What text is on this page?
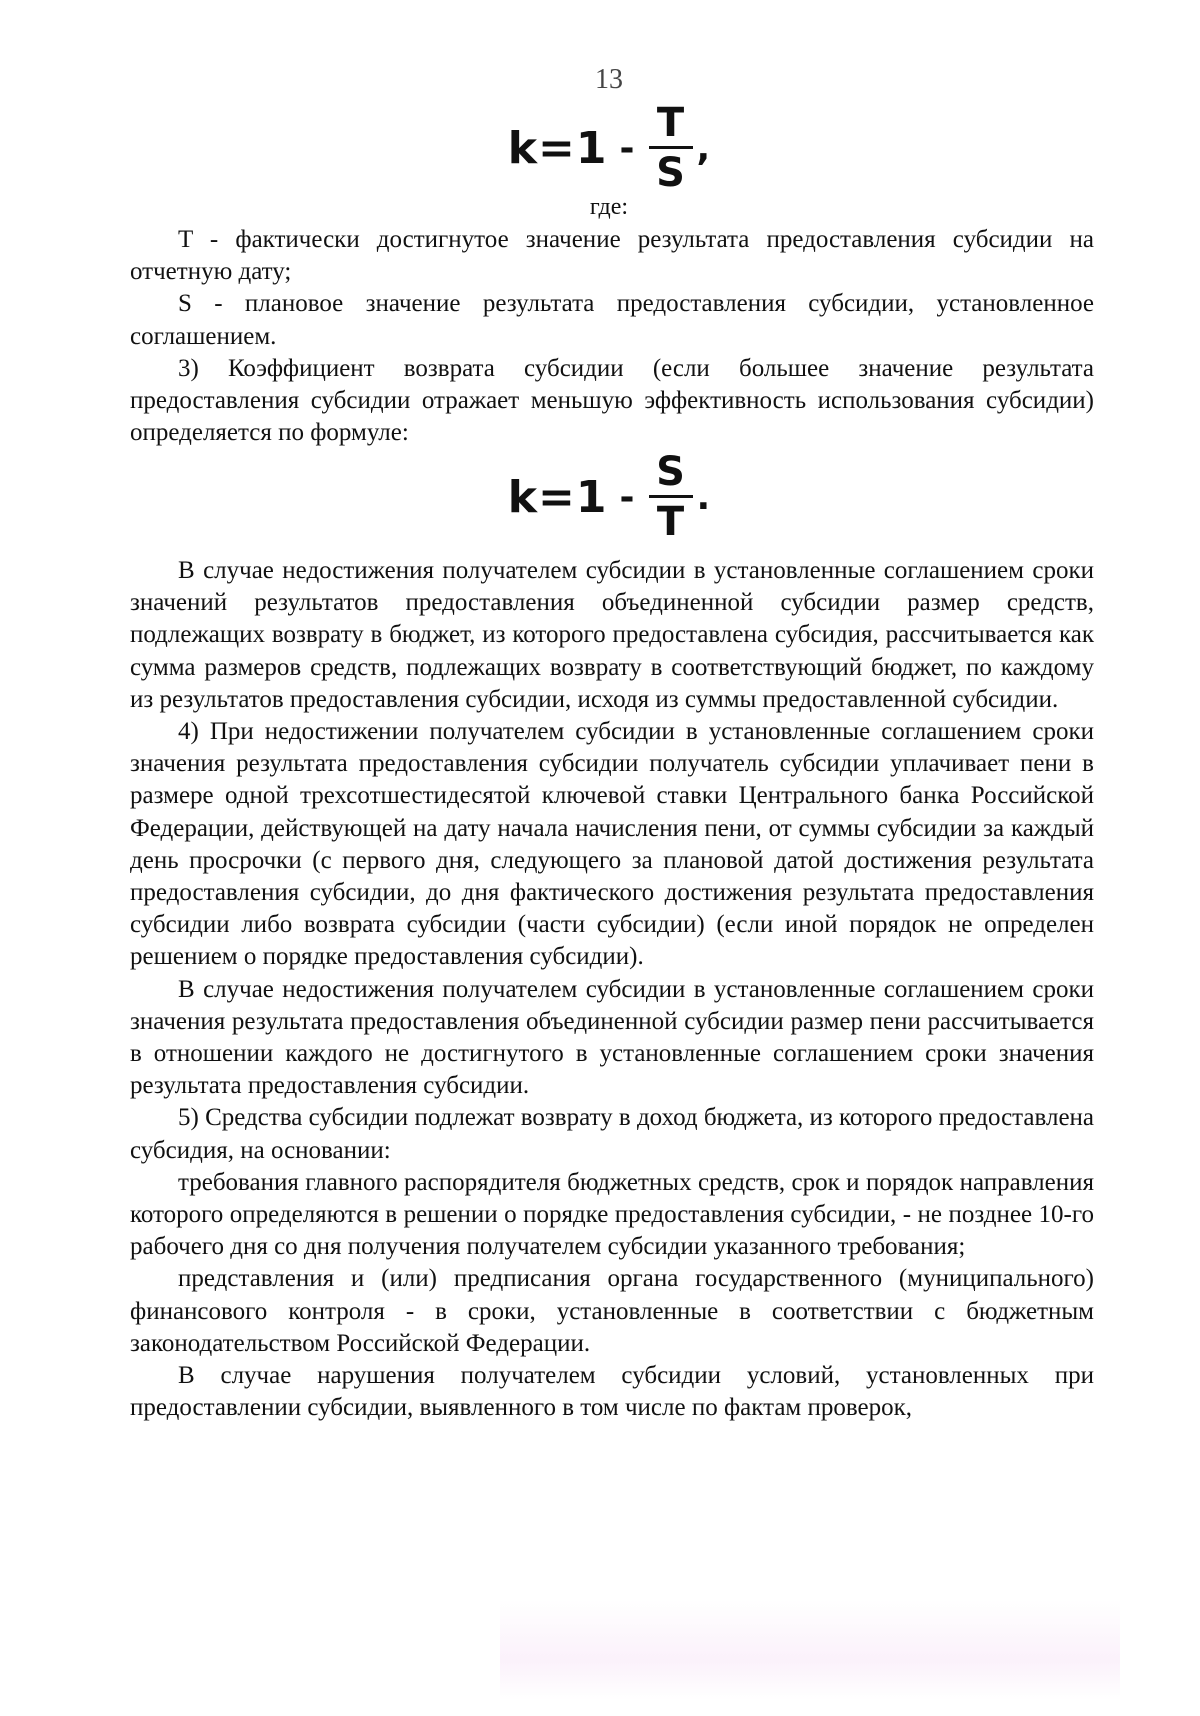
13
$k=1 - \frac{T}{S}$ ,
где:

T - фактически достигнутое значение результата предоставления субсидии на отчетную дату;

S - плановое значение результата предоставления субсидии, установленное соглашением.

3) Коэффициент возврата субсидии (если большее значение результата предоставления субсидии отражает меньшую эффективность использования субсидии) определяется по формуле:

$k=1 - \frac{S}{T}$ .

В случае недостижения получателем субсидии в установленные соглашением сроки значений результатов предоставления объединенной субсидии размер средств, подлежащих возврату в бюджет, из которого предоставлена субсидия, рассчитывается как сумма размеров средств, подлежащих возврату в соответствующий бюджет, по каждому из результатов предоставления субсидии, исходя из суммы предоставленной субсидии.

4) При недостижении получателем субсидии в установленные соглашением сроки значения результата предоставления субсидии получатель субсидии уплачивает пени в размере одной трехсотшестидесятой ключевой ставки Центрального банка Российской Федерации, действующей на дату начала начисления пени, от суммы субсидии за каждый день просрочки (с первого дня, следующего за плановой датой достижения результата предоставления субсидии, до дня фактического достижения результата предоставления субсидии либо возврата субсидии (части субсидии) (если иной порядок не определен решением о порядке предоставления субсидии).

В случае недостижения получателем субсидии в установленные соглашением сроки значения результата предоставления объединенной субсидии размер пени рассчитывается в отношении каждого не достигнутого в установленные соглашением сроки значения результата предоставления субсидии.

5) Средства субсидии подлежат возврату в доход бюджета, из которого предоставлена субсидия, на основании:

требования главного распорядителя бюджетных средств, срок и порядок направления которого определяются в решении о порядке предоставления субсидии, - не позднее 10-го рабочего дня со дня получения получателем субсидии указанного требования;

представления и (или) предписания органа государственного (муниципального) финансового контроля - в сроки, установленные в соответствии с бюджетным законодательством Российской Федерации.

В случае нарушения получателем субсидии условий, установленных при предоставлении субсидии, выявленного в том числе по фактам проверок,
